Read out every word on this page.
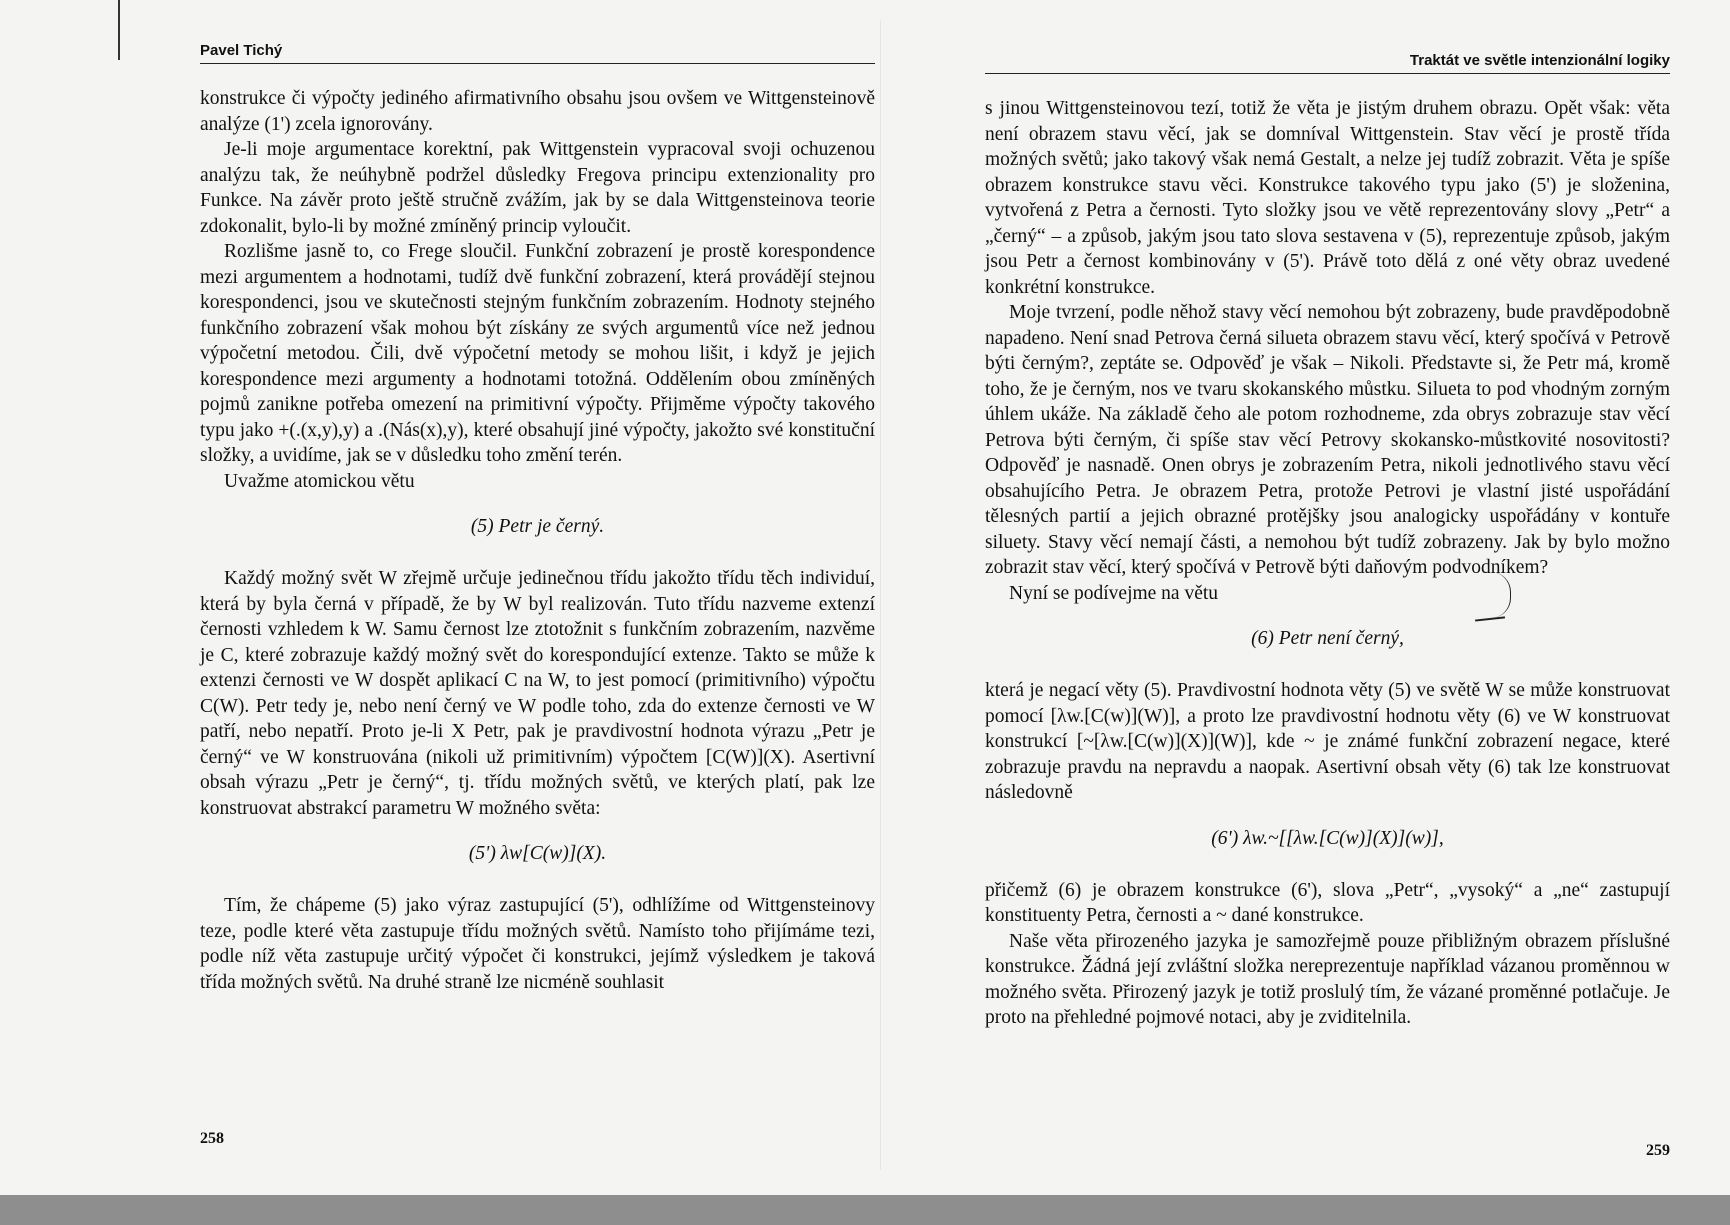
Pavel Tichý

konstrukce či výpočty jediného afirmativního obsahu jsou ovšem ve Wittgensteinově analýze (1') zcela ignorovány.

Je-li moje argumentace korektní, pak Wittgenstein vypracoval svoji ochuzenou analýzu tak, že neúhybně podržel důsledky Fregova principu extenzionality pro Funkce. Na závěr proto ještě stručně zvážím, jak by se dala Wittgensteinova teorie zdokonalit, bylo-li by možné zmíněný princip vyloučit.

Rozlišme jasně to, co Frege sloučil. Funkční zobrazení je prostě korespondence mezi argumentem a hodnotami, tudíž dvě funkční zobrazení, která provádějí stejnou korespondenci, jsou ve skutečnosti stejným funkčním zobrazením. Hodnoty stejného funkčního zobrazení však mohou být získány ze svých argumentů více než jednou výpočetní metodou. Čili, dvě výpočetní metody se mohou lišit, i když je jejich korespondence mezi argumenty a hodnotami totožná. Oddělením obou zmíněných pojmů zanikne potřeba omezení na primitivní výpočty. Přijměme výpočty takového typu jako +(.(x,y),y) a .(Nás(x),y), které obsahují jiné výpočty, jakožto své konstituční složky, a uvidíme, jak se v důsledku toho změní terén.

Uvažme atomickou větu

(5) Petr je černý.

Každý možný svět W zřejmě určuje jedinečnou třídu jakožto třídu těch individuí, která by byla černá v případě, že by W byl realizován. Tuto třídu nazveme extenzí černosti vzhledem k W. Samu černost lze ztotožnit s funkčním zobrazením, nazvěme je C, které zobrazuje každý možný svět do korespondující extenze. Takto se může k extenzi černosti ve W dospět aplikací C na W, to jest pomocí (primitivního) výpočtu C(W). Petr tedy je, nebo není černý ve W podle toho, zda do extenze černosti ve W patří, nebo nepatří. Proto je-li X Petr, pak je pravdivostní hodnota výrazu „Petr je černý“ ve W konstruována (nikoli už primitivním) výpočtem [C(W)](X). Asertivní obsah výrazu „Petr je černý“, tj. třídu možných světů, ve kterých platí, pak lze konstruovat abstrakcí parametru W možného světa:

(5') λw[C(w)](X).

Tím, že chápeme (5) jako výraz zastupující (5'), odhlížíme od Wittgensteinovy teze, podle které věta zastupuje třídu možných světů. Namísto toho přijímáme tezi, podle níž věta zastupuje určitý výpočet či konstrukci, jejímž výsledkem je taková třída možných světů. Na druhé straně lze nicméně souhlasit

258
Traktát ve světle intenzionální logiky

s jinou Wittgensteinovou tezí, totiž že věta je jistým druhem obrazu. Opět však: věta není obrazem stavu věcí, jak se domníval Wittgenstein. Stav věcí je prostě třída možných světů; jako takový však nemá Gestalt, a nelze jej tudíž zobrazit. Věta je spíše obrazem konstrukce stavu věci. Konstrukce takového typu jako (5') je složenina, vytvořená z Petra a černosti. Tyto složky jsou ve větě reprezentovány slovy „Petr“ a „černý“ – a způsob, jakým jsou tato slova sestavena v (5), reprezentuje způsob, jakým jsou Petr a černost kombinovány v (5'). Právě toto dělá z oné věty obraz uvedené konkrétní konstrukce.

Moje tvrzení, podle něhož stavy věcí nemohou být zobrazeny, bude pravděpodobně napadeno. Není snad Petrova černá silueta obrazem stavu věcí, který spočívá v Petrově býti černým?, zeptáte se. Odpověď je však – Nikoli. Představte si, že Petr má, kromě toho, že je černým, nos ve tvaru skokanského můstku. Silueta to pod vhodným zorným úhlem ukáže. Na základě čeho ale potom rozhodneme, zda obrys zobrazuje stav věcí Petrova býti černým, či spíše stav věcí Petrovy skokansko-můstkovité nosovitosti? Odpověď je nasnadě. Onen obrys je zobrazením Petra, nikoli jednotlivého stavu věcí obsahujícího Petra. Je obrazem Petra, protože Petrovi je vlastní jisté uspořádání tělesných partií a jejich obrazné protějšky jsou analogicky uspořádány v kontuře siluety. Stavy věcí nemají části, a nemohou být tudíž zobrazeny. Jak by bylo možno zobrazit stav věcí, který spočívá v Petrově býti daňovým podvodníkem?

Nyní se podívejme na větu

(6) Petr není černý,

která je negací věty (5). Pravdivostní hodnota věty (5) ve světě W se může konstruovat pomocí [λw.[C(w)](W)], a proto lze pravdivostní hodnotu věty (6) ve W konstruovat konstrukcí [~[λw.[C(w)](X)](W)], kde ~ je známé funkční zobrazení negace, které zobrazuje pravdu na nepravdu a naopak. Asertivní obsah věty (6) tak lze konstruovat následovně

(6') λw.~[[λw.[C(w)](X)](w)],

přičemž (6) je obrazem konstrukce (6'), slova „Petr“, „vysoký“ a „ne“ zastupují konstituenty Petra, černosti a ~ dané konstrukce.

Naše věta přirozeného jazyka je samozřejmě pouze přibližným obrazem příslušné konstrukce. Žádná její zvláštní složka nereprezentuje například vázanou proměnnou w možného světa. Přirozený jazyk je totiž proslulý tím, že vázané proměnné potlačuje. Je proto na přehledné pojmové notaci, aby je zviditelnila.

259
